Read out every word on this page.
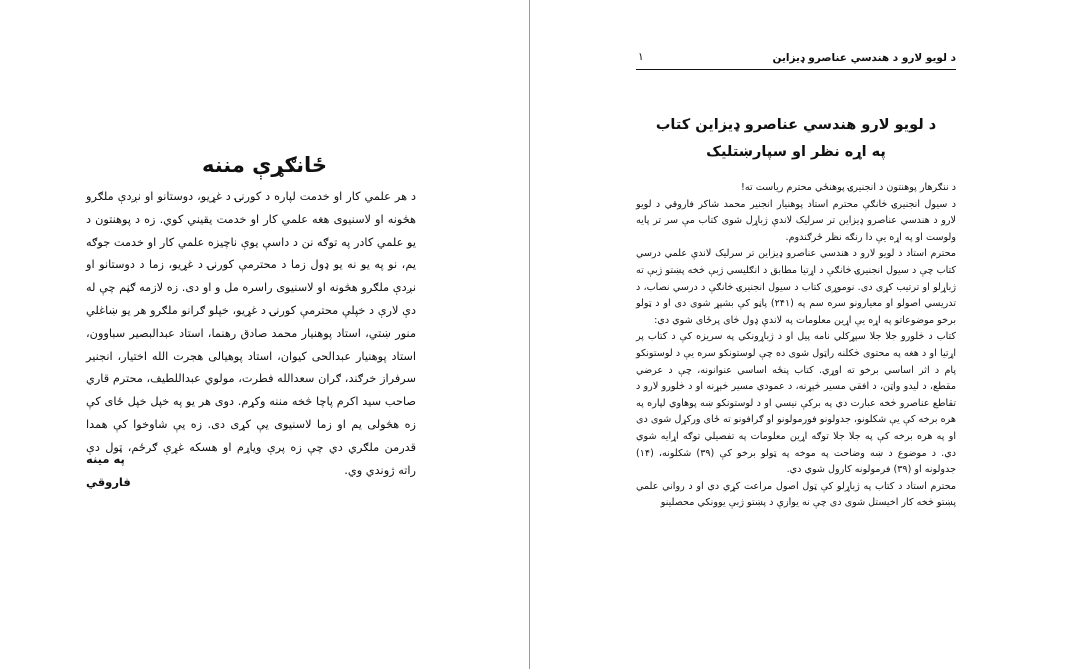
ځانګړې مننه

د هر علمي کار او خدمت لپاره د کورنۍ د غړیو، دوستانو او نږدې ملګرو هڅونه او لاسنیوی هغه علمي کار او خدمت یقیني کوي. زه د پوهنتون د یو علمي کادر په توګه نن د داسې یوې ناچیزه علمي کار او خدمت جوګه یم، نو په یو نه یو ډول زما د محترمې کورنۍ د غړیو، زما د دوستانو او نږدې ملګرو هڅونه او لاسنیوی راسره مل و او دی. زه لازمه ګڼم چې له دې لارې د خپلې محترمې کورنۍ د غړیو، خپلو ګرانو ملګرو هر یو ښاغلي منور ښتي، استاد پوهنیار محمد صادق رهنما، استاد عبدالبصیر سباوون، استاد پوهنیار عبدالحی کیوان، استاد پوهیالی هجرت الله اختیار، انجنیر سرفراز خرګند، ګران سعدالله فطرت، مولوي عبداللطیف، محترم قاري صاحب سید اکرم پاچا څخه مننه وکړم. دوی هر یو په خپل خپل ځای کې زه هڅولی یم او زما لاسنیوی یې کړی دی. زه یې شاوخوا کې همدا قدرمن ملګري دي چې زه پرې ویاړم او هسکه غړې ګرځم، ټول دې راته ژوندي وي.

په مینه
فاروقي
۱	د لویو لارو د هندسي عناصرو ډیزاین
د لویو لارو هندسي عناصرو ډیزاین کتاب
په اړه نظر او سپارښتلیک

د ننګرهار پوهنتون د انجنیرۍ پوهنځي محترم ریاست ته!

د سیول انجنیرۍ څانګې محترم استاد پوهنیار انجنیر محمد شاکر فاروقي د لویو لارو د هندسي عناصرو ډیزاین تر سرلیک لاندې ژباړل شوی کتاب مې سر تر پایه ولوست او په اړه یې دا رنګه نظر ځرګندوم.

محترم استاد د لویو لارو د هندسي عناصرو ډیزاین تر سرلیک لاندې علمي درسي کتاب چې د سیول انجنیرۍ څانګې د اړتیا مطابق د انګلیسي ژبې څخه پښتو ژبې ته ژباړلو او ترتیب کړی دی. نوموړی کتاب د سیول انجنیرۍ څانګې د درسي نصاب، د تدریسي اصولو او معیارونو سره سم په (۲۴۱) پاڼو کې بشپړ شوی دی او د ټولو برخو موضوعاتو په اړه یې اړین معلومات په لاندې ډول څای پرځای شوي دي:

کتاب د څلورو جلا جلا سپړکلي نامه پیل او د ژباړونکي په سریزه کې د کتاب پر اړتیا او د هغه په محتوی څکلنه راټول شوی ده چې لوستونکو سره یې د لوستونکو پام د اثر اساسي برخو ته اوړي. کتاب پنځه اساسي عنوانونه، چې د عرضي مقطع، د لیدو واټن، د افقي مسیر څېړنه، د عمودي مسیر څېړنه او د څلورو لارو د تقاطع عناصرو څخه عبارت دي په برکې نیسي او د لوستونکو ښه پوهاوي لپاره په هره برخه کې یې شکلونو، جدولونو فورمولونو او ګرافونو ته ځای ورکړل شوی دی او په هره برخه کې په جلا جلا توګه اړین معلومات په تفصیلي توګه اړایه شوي دي. د موضوع د ښه وضاحت په موخه په ټولو برخو کې (۳۹) شکلونه، (۱۴) جدولونه او (۳۹) فرمولونه کارول شوي دي.

محترم استاد د کتاب په ژباړلو کې ټول اصول مراعت کړي دي او د رواني علمي پښتو څخه کار اخیستل شوی دی چې نه یوازې د پښتو ژبې یوونکي محصلینو
